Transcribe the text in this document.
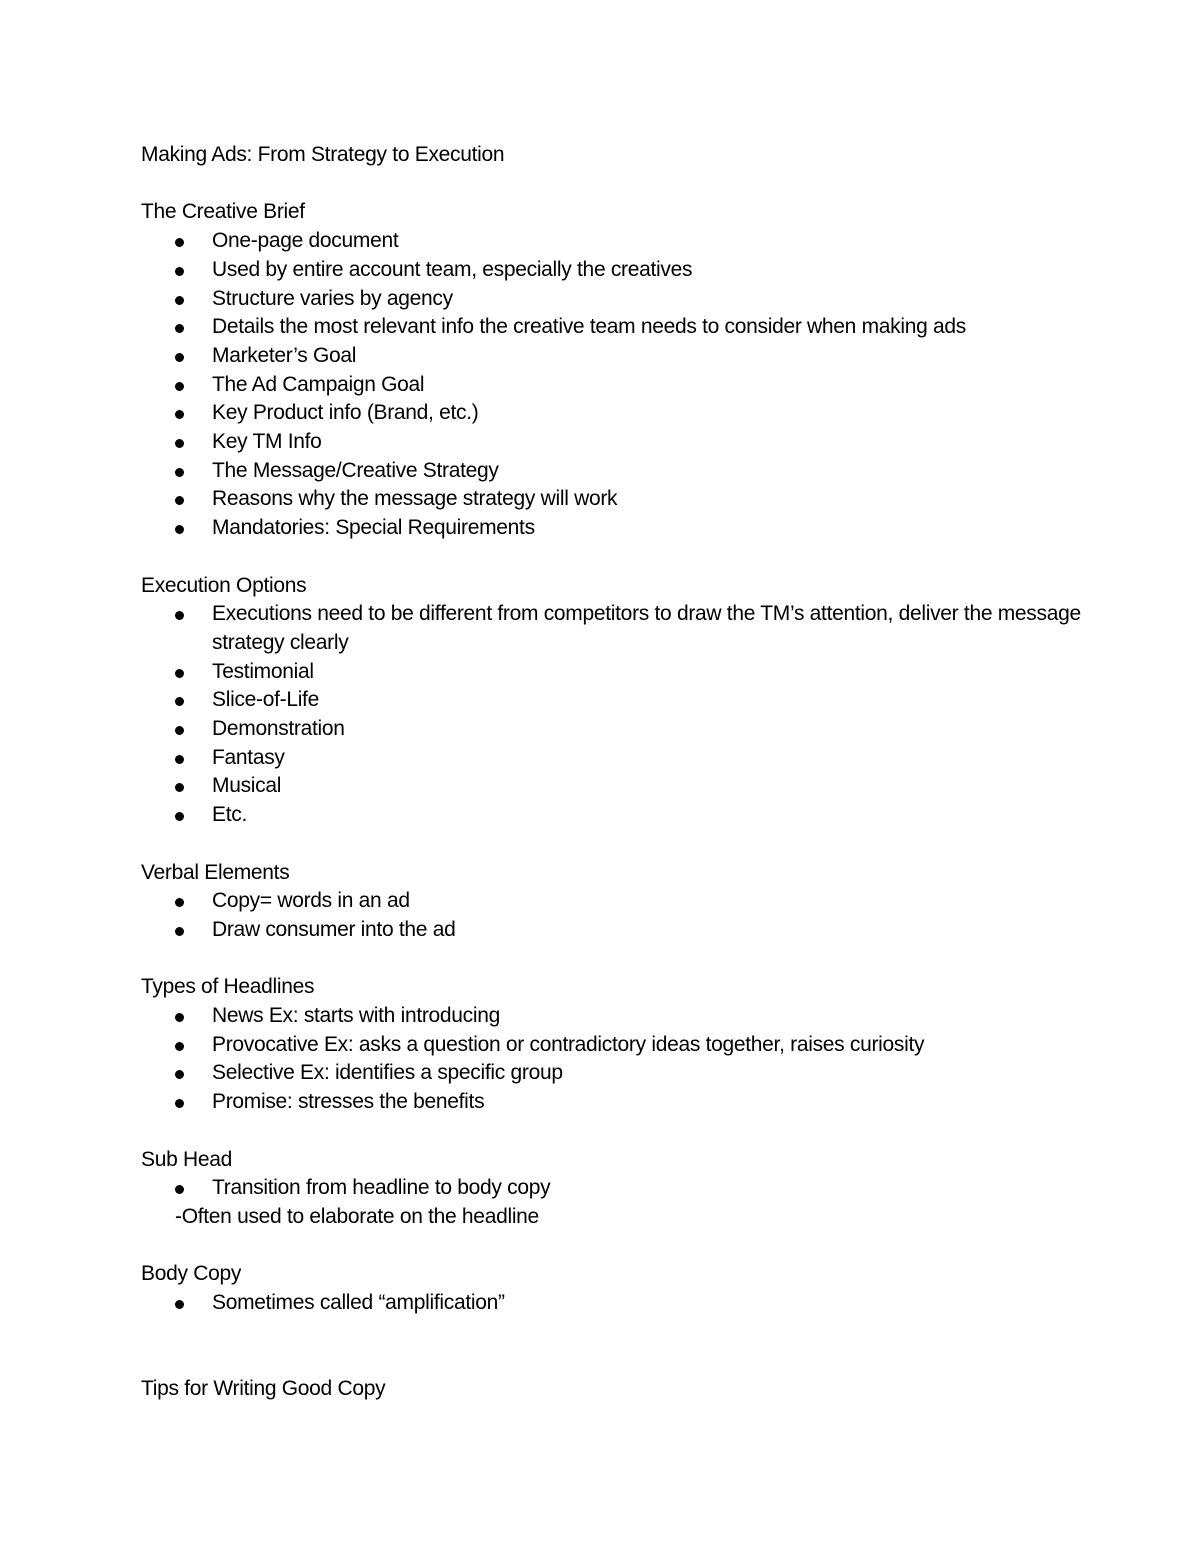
Making Ads: From Strategy to Execution

The Creative Brief

One-page document
Used by entire account team, especially the creatives
Structure varies by agency
Details the most relevant info the creative team needs to consider when making ads
Marketer’s Goal
The Ad Campaign Goal
Key Product info (Brand, etc.)
Key TM Info
The Message/Creative Strategy
Reasons why the message strategy will work
Mandatories: Special Requirements

Execution Options

Executions need to be different from competitors to draw the TM’s attention, deliver the message strategy clearly
Testimonial
Slice-of-Life
Demonstration
Fantasy
Musical
Etc.

Verbal Elements

Copy= words in an ad
Draw consumer into the ad

Types of Headlines

News Ex: starts with introducing
Provocative Ex: asks a question or contradictory ideas together, raises curiosity
Selective Ex: identifies a specific group
Promise: stresses the benefits

Sub Head

Transition from headline to body copy

-Often used to elaborate on the headline

Body Copy

Sometimes called “amplification”

Tips for Writing Good Copy
